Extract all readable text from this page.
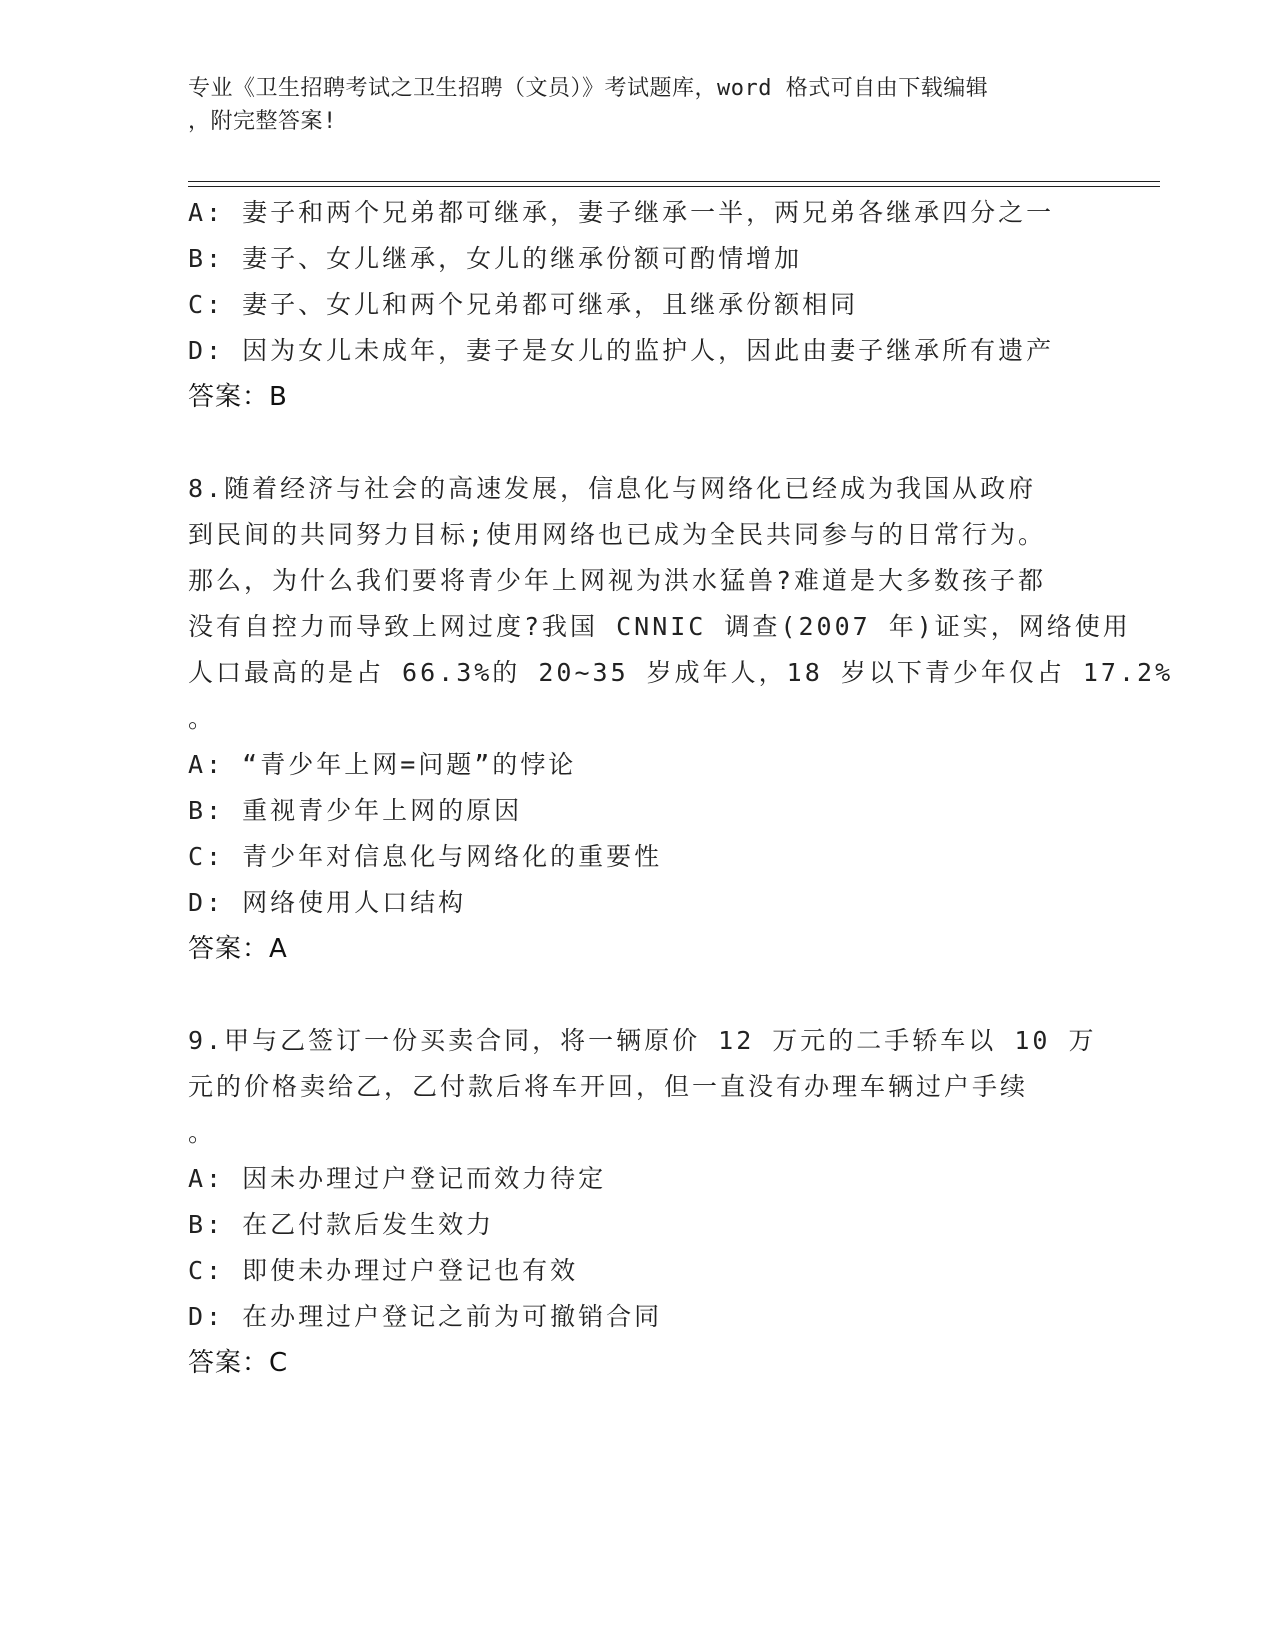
专业《卫生招聘考试之卫生招聘（文员）》考试题库，word 格式可自由下载编辑
，附完整答案!
A: 妻子和两个兄弟都可继承，妻子继承一半，两兄弟各继承四分之一
B: 妻子、女儿继承，女儿的继承份额可酌情增加
C: 妻子、女儿和两个兄弟都可继承，且继承份额相同
D: 因为女儿未成年，妻子是女儿的监护人，因此由妻子继承所有遗产
答案：B
8.随着经济与社会的高速发展，信息化与网络化已经成为我国从政府
到民间的共同努力目标;使用网络也已成为全民共同参与的日常行为。
那么，为什么我们要将青少年上网视为洪水猛兽?难道是大多数孩子都
没有自控力而导致上网过度?我国 CNNIC 调查(2007 年)证实，网络使用
人口最高的是占 66.3%的 20~35 岁成年人，18 岁以下青少年仅占 17.2%
。
A: “青少年上网=问题”的悖论
B: 重视青少年上网的原因
C: 青少年对信息化与网络化的重要性
D: 网络使用人口结构
答案：A
9.甲与乙签订一份买卖合同，将一辆原价 12 万元的二手轿车以 10 万
元的价格卖给乙，乙付款后将车开回，但一直没有办理车辆过户手续
。
A: 因未办理过户登记而效力待定
B: 在乙付款后发生效力
C: 即使未办理过户登记也有效
D: 在办理过户登记之前为可撤销合同
答案：C
